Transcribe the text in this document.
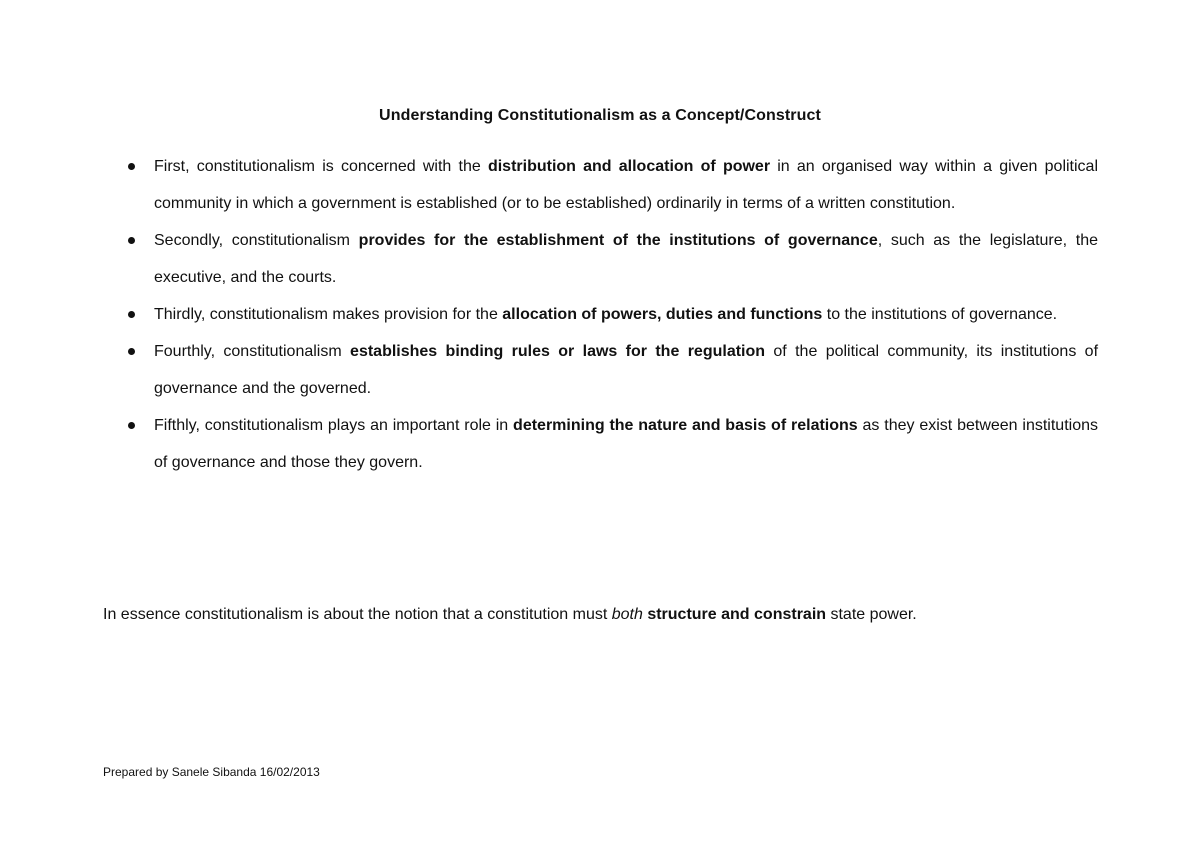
Understanding Constitutionalism as a Concept/Construct
First, constitutionalism is concerned with the distribution and allocation of power in an organised way within a given political community in which a government is established (or to be established) ordinarily in terms of a written constitution.
Secondly, constitutionalism provides for the establishment of the institutions of governance, such as the legislature, the executive, and the courts.
Thirdly, constitutionalism makes provision for the allocation of powers, duties and functions to the institutions of governance.
Fourthly, constitutionalism establishes binding rules or laws for the regulation of the political community, its institutions of governance and the governed.
Fifthly, constitutionalism plays an important role in determining the nature and basis of relations as they exist between institutions of governance and those they govern.

In essence constitutionalism is about the notion that a constitution must both structure and constrain state power.

Prepared by Sanele Sibanda 16/02/2013
